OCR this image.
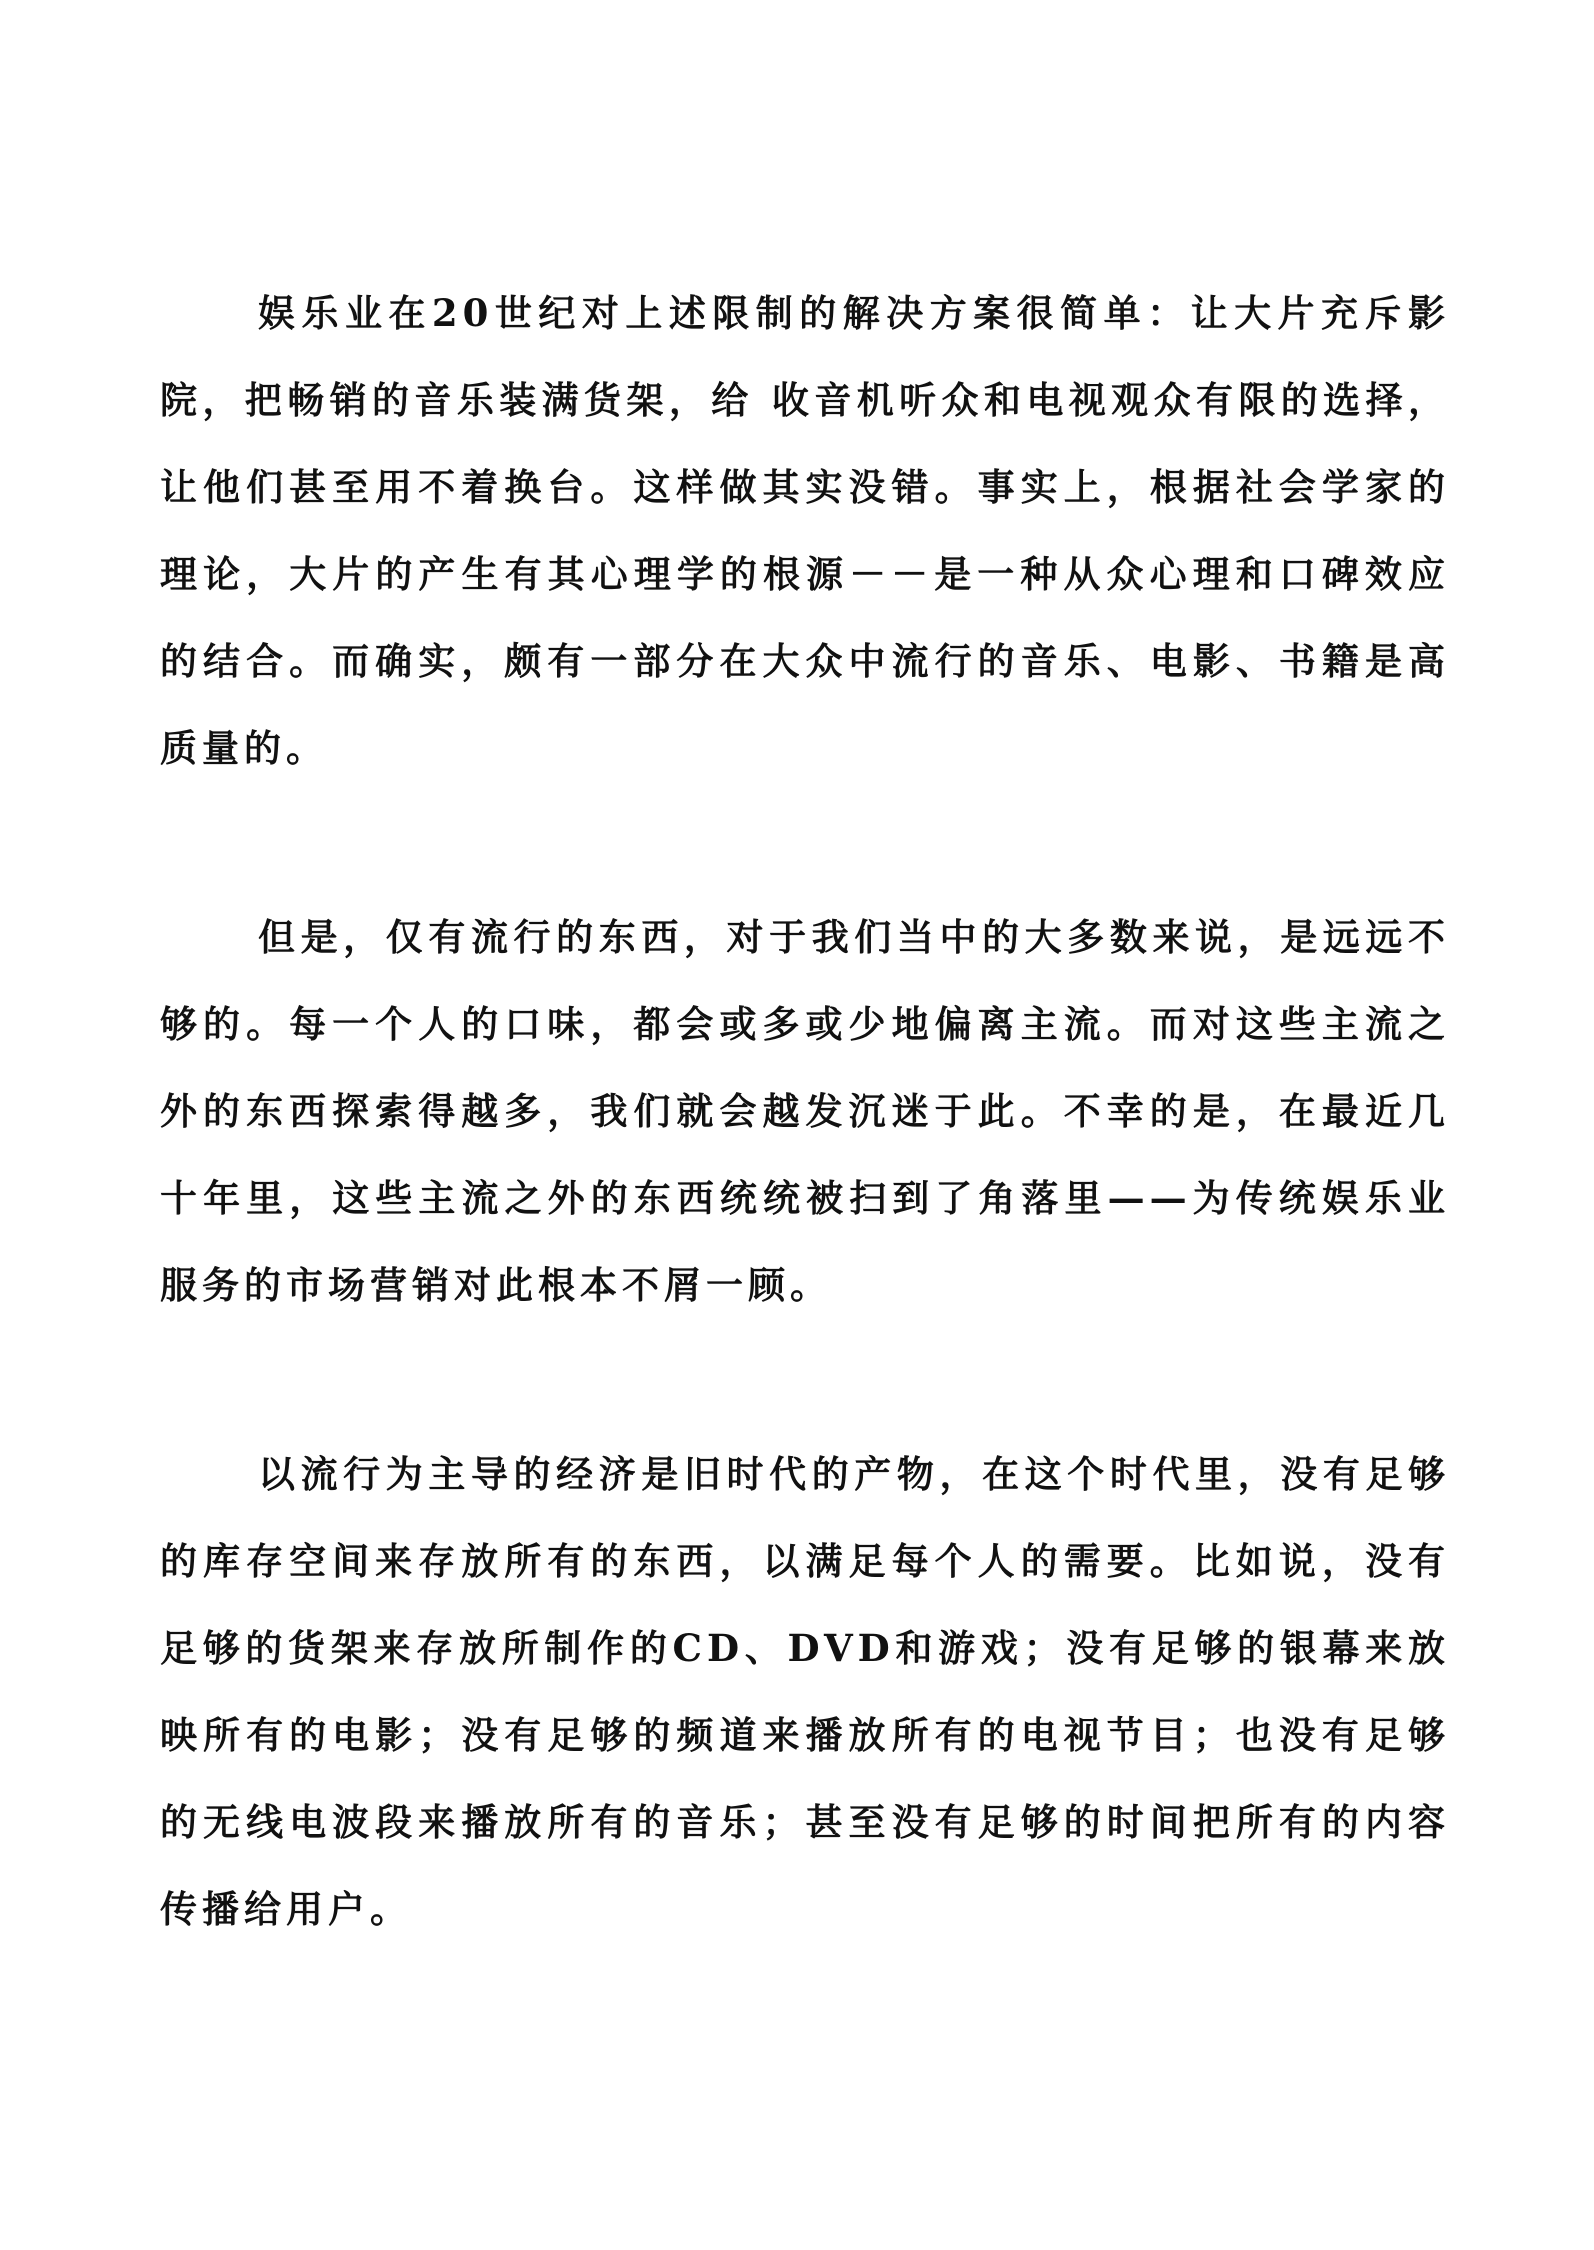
娱乐业在20世纪对上述限制的解决方案很简单：让大片充斥影院，把畅销的音乐装满货架，给 收音机听众和电视观众有限的选择，让他们甚至用不着换台。这样做其实没错。事实上，根据社会学家的理论，大片的产生有其心理学的根源－－是一种从众心理和口碑效应的结合。而确实，颇有一部分在大众中流行的音乐、电影、书籍是高质量的。

但是，仅有流行的东西，对于我们当中的大多数来说，是远远不够的。每一个人的口味，都会或多或少地偏离主流。而对这些主流之外的东西探索得越多，我们就会越发沉迷于此。不幸的是，在最近几十年里，这些主流之外的东西统统被扫到了角落里——为传统娱乐业服务的市场营销对此根本不屑一顾。

以流行为主导的经济是旧时代的产物，在这个时代里，没有足够的库存空间来存放所有的东西，以满足每个人的需要。比如说，没有足够的货架来存放所制作的CD、DVD和游戏；没有足够的银幕来放映所有的电影；没有足够的频道来播放所有的电视节目；也没有足够的无线电波段来播放所有的音乐；甚至没有足够的时间把所有的内容传播给用户。
